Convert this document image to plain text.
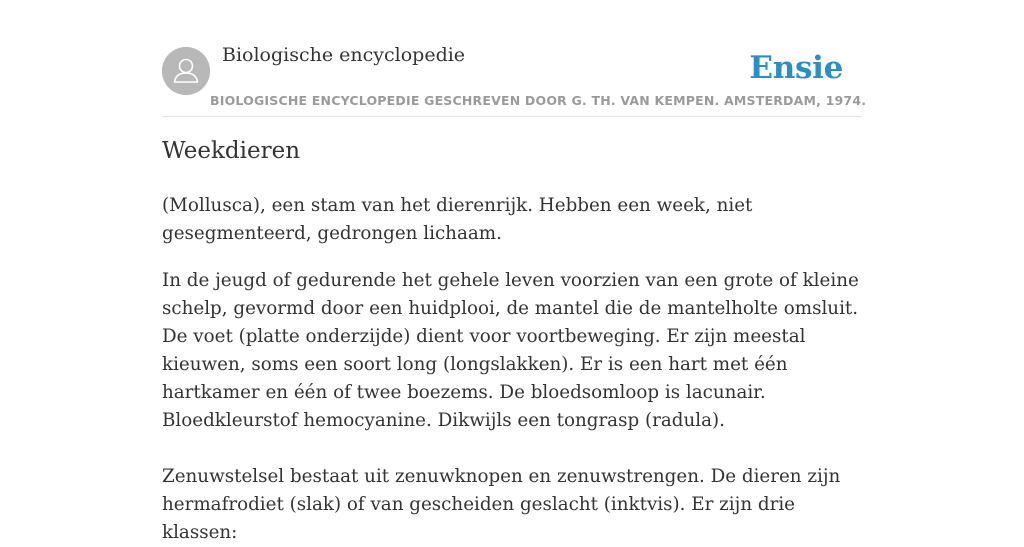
Biologische encyclopedie	Ensie
BIOLOGISCHE ENCYCLOPEDIE GESCHREVEN DOOR G. TH. VAN KEMPEN. AMSTERDAM, 1974.
Weekdieren

(Mollusca), een stam van het dierenrijk. Hebben een week, niet gesegmenteerd, gedrongen lichaam.

In de jeugd of gedurende het gehele leven voorzien van een grote of kleine schelp, gevormd door een huidplooi, de mantel die de mantelholte omsluit. De voet (platte onderzijde) dient voor voortbeweging. Er zijn meestal kieuwen, soms een soort long (longslakken). Er is een hart met één hartkamer en één of twee boezems. De bloedsomloop is lacunair. Bloedkleurstof hemocyanine. Dikwijls een tongrasp (radula).

Zenuwstelsel bestaat uit zenuwknopen en zenuwstrengen. De dieren zijn hermafrodiet (slak) of van gescheiden geslacht (inktvis). Er zijn drie klassen:
